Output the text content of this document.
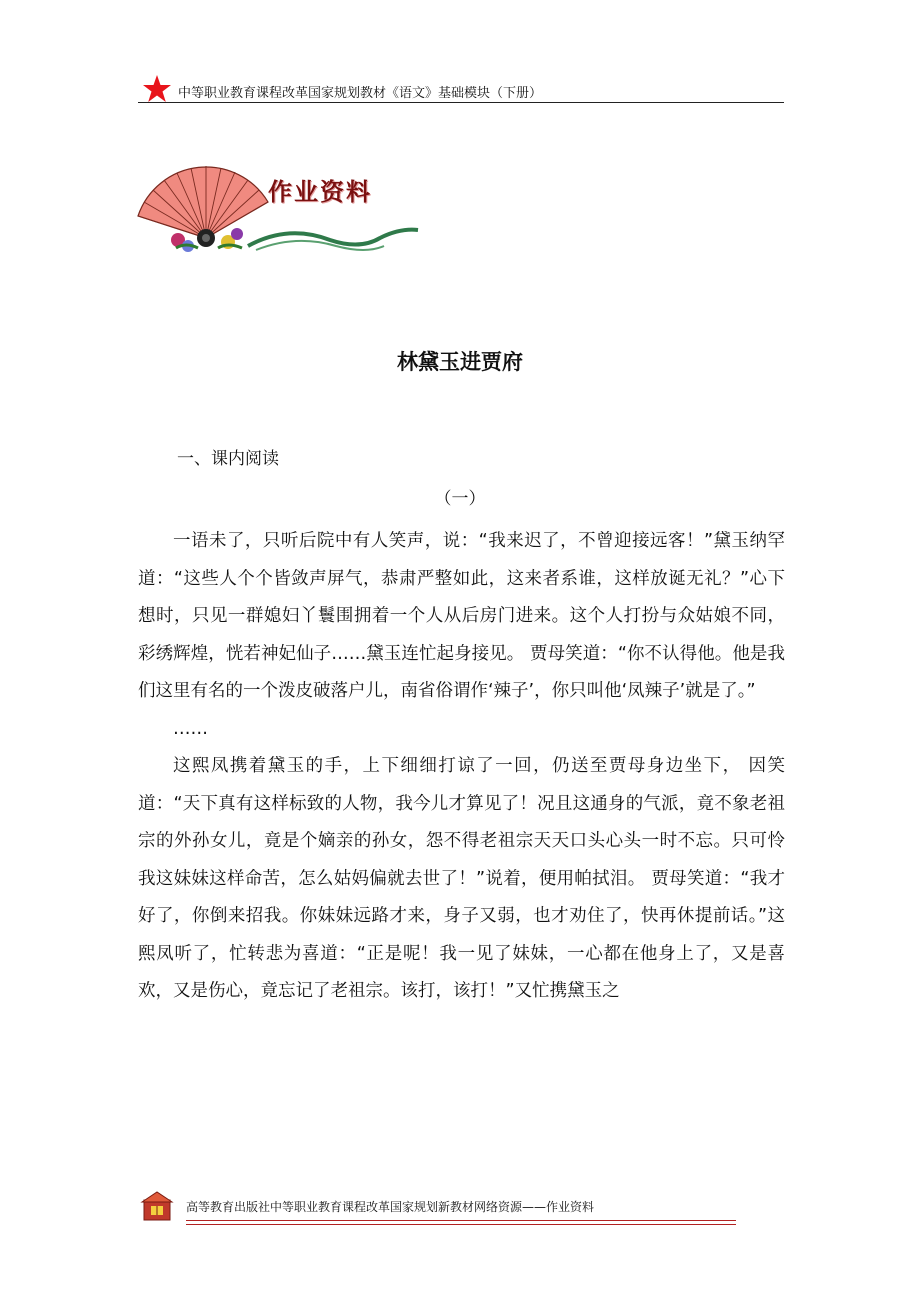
中等职业教育课程改革国家规划教材《语文》基础模块（下册）
作业资料
林黛玉进贾府
一、课内阅读
（一）

一语未了，只听后院中有人笑声，说：“我来迟了，不曾迎接远客！”黛玉纳罕道：“这些人个个皆敛声屏气，恭肃严整如此，这来者系谁，这样放诞无礼？”心下想时，只见一群媳妇丫鬟围拥着一个人从后房门进来。这个人打扮与众姑娘不同，彩绣辉煌，恍若神妃仙子……黛玉连忙起身接见。 贾母笑道：“你不认得他。他是我们这里有名的一个泼皮破落户儿，南省俗谓作‘辣子’，你只叫他‘凤辣子’就是了。”

……

这熙凤携着黛玉的手，上下细细打谅了一回，仍送至贾母身边坐下， 因笑道：“天下真有这样标致的人物，我今儿才算见了！况且这通身的气派，竟不象老祖宗的外孙女儿，竟是个嫡亲的孙女，怨不得老祖宗天天口头心头一时不忘。只可怜我这妹妹这样命苦，怎么姑妈偏就去世了！”说着，便用帕拭泪。 贾母笑道：“我才好了，你倒来招我。你妹妹远路才来，身子又弱，也才劝住了，快再休提前话。”这熙凤听了，忙转悲为喜道：“正是呢！我一见了妹妹，一心都在他身上了，又是喜欢，又是伤心，竟忘记了老祖宗。该打，该打！”又忙携黛玉之

高等教育出版社中等职业教育课程改革国家规划新教材网络资源——作业资料
